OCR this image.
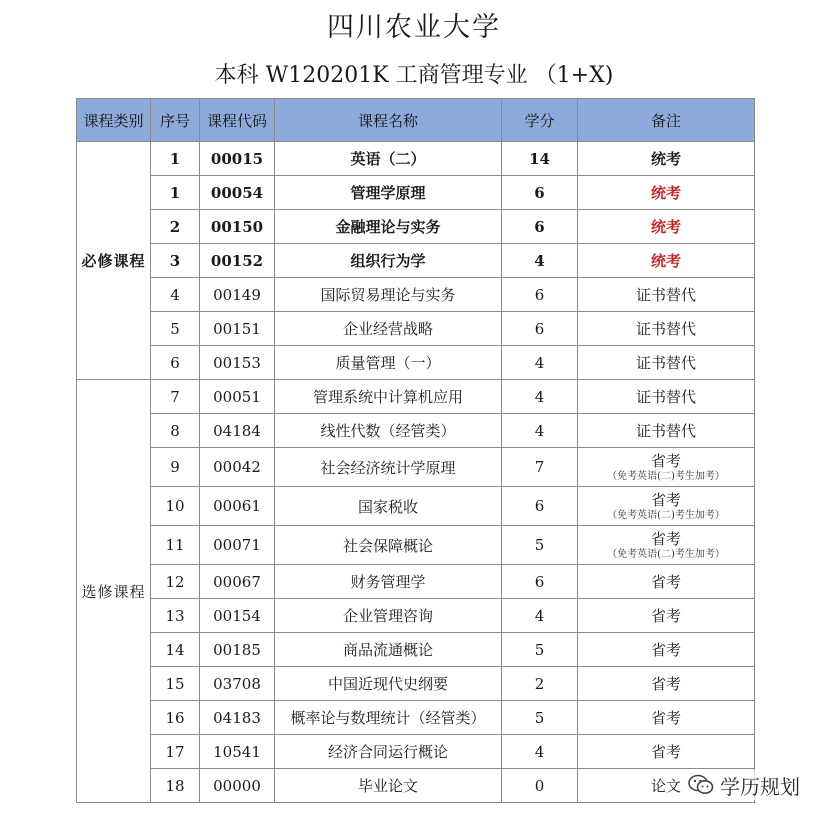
四川农业大学
本科 W120201K 工商管理专业 （1+X)
课程类别	序号	课程代码	课程名称	学分	备注
必修课程	1	00015	英语（二）	14	统考
	1	00054	管理学原理	6	统考
	2	00150	金融理论与实务	6	统考
	3	00152	组织行为学	4	统考
	4	00149	国际贸易理论与实务	6	证书替代
	5	00151	企业经营战略	6	证书替代
	6	00153	质量管理（一）	4	证书替代
选修课程	7	00051	管理系统中计算机应用	4	证书替代
	8	04184	线性代数（经管类）	4	证书替代
	9	00042	社会经济统计学原理	7	省考
（免考英语(二)考生加考）

	10	00061	国家税收	6	省考
（免考英语(二)考生加考）

	11	00071	社会保障概论	5	省考
（免考英语(二)考生加考）

	12	00067	财务管理学	6	省考
	13	00154	企业管理咨询	4	省考
	14	00185	商品流通概论	5	省考
	15	03708	中国近现代史纲要	2	省考
	16	04183	概率论与数理统计（经管类）	5	省考
	17	10541	经济合同运行概论	4	省考
	18	00000	毕业论文	0	论文 学历规划
